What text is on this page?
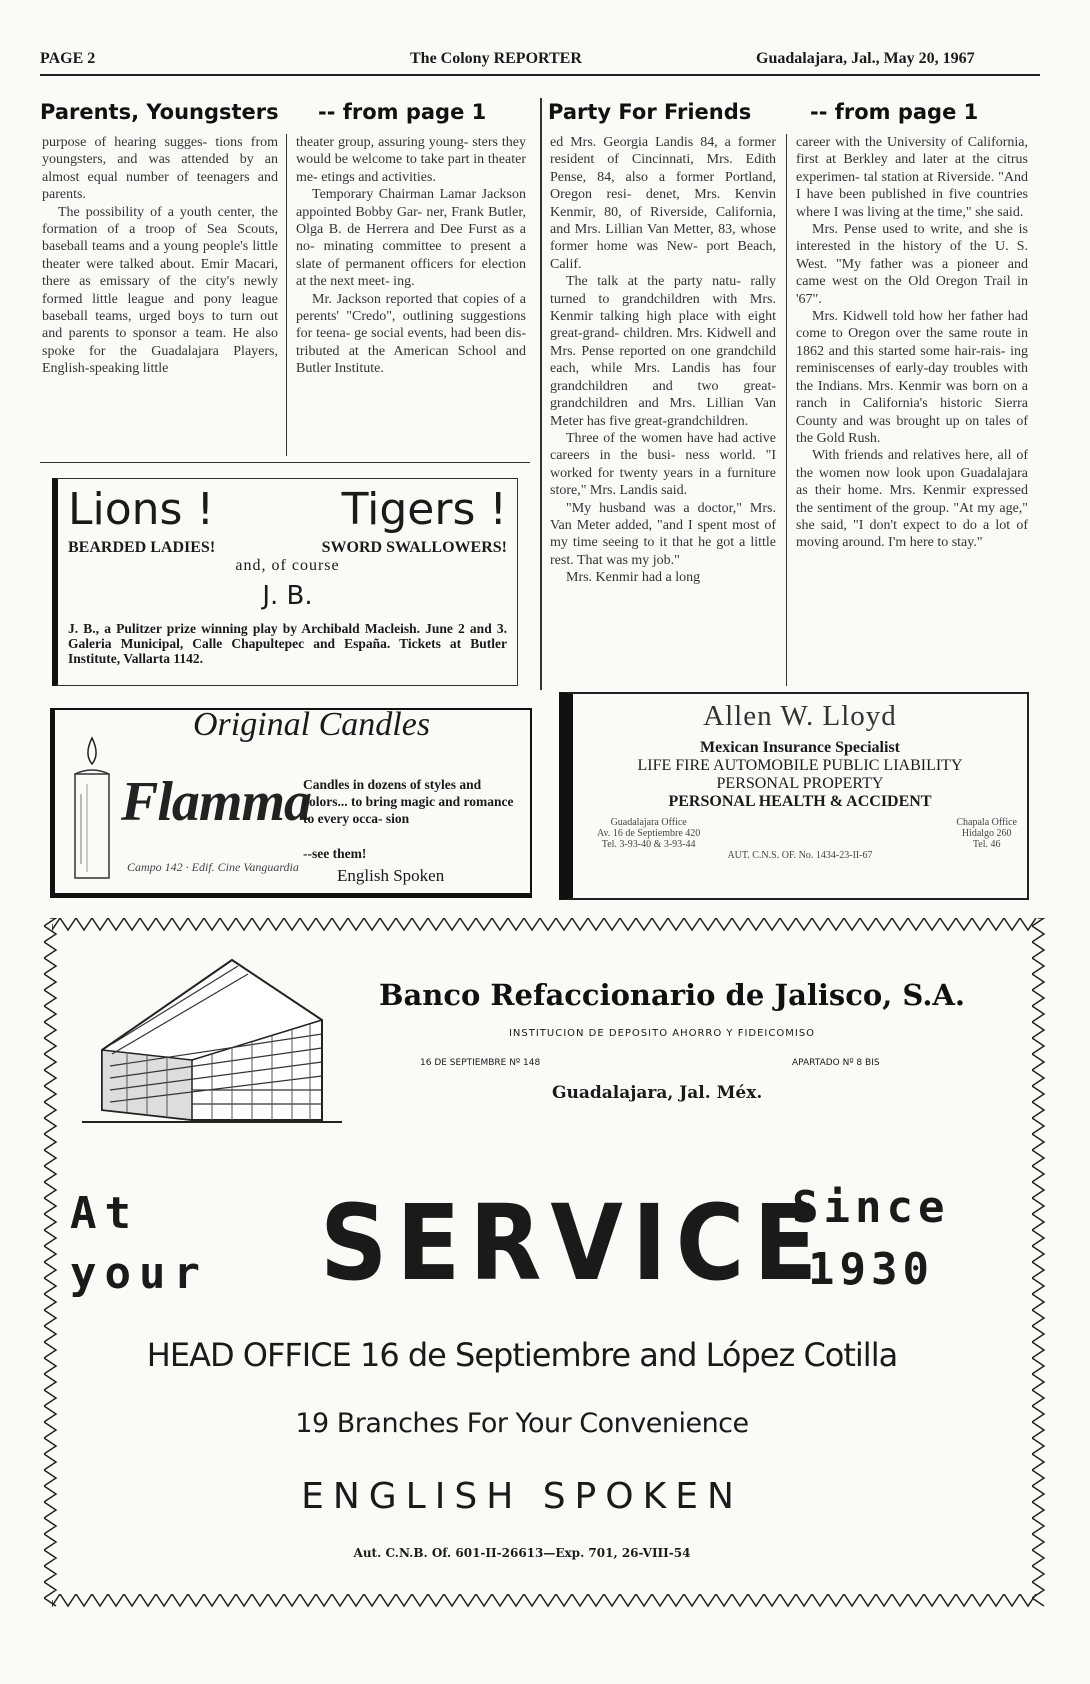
PAGE 2	The Colony REPORTER	Guadalajara, Jal., May 20, 1967
Parents, Youngsters -- from page 1

purpose of hearing sugges- tions from youngsters, and was attended by an almost equal number of teenagers and parents.

The possibility of a youth center, the formation of a troop of Sea Scouts, baseball teams and a young people's little theater were talked about. Emir Macari, there as emissary of the city's newly formed little league and pony league baseball teams, urged boys to turn out and parents to sponsor a team. He also spoke for the Guadalajara Players, English-speaking little

theater group, assuring young- sters they would be welcome to take part in theater me- etings and activities.

Temporary Chairman Lamar Jackson appointed Bobby Gar- ner, Frank Butler, Olga B. de Herrera and Dee Furst as a no- minating committee to present a slate of permanent officers for election at the next meet- ing.

Mr. Jackson reported that copies of a perents' "Credo", outlining suggestions for teena- ge social events, had been dis- tributed at the American School and Butler Institute.

Party For Friends	-- from page 1

ed Mrs. Georgia Landis 84, a former resident of Cincinnati, Mrs. Edith Pense, 84, also a former Portland, Oregon resi- denet, Mrs. Kenvin Kenmir, 80, of Riverside, California, and Mrs. Lillian Van Metter, 83, whose former home was New- port Beach, Calif.

The talk at the party natu- rally turned to grandchildren with Mrs. Kenmir talking high place with eight great-grand- children. Mrs. Kidwell and Mrs. Pense reported on one grandchild each, while Mrs. Landis has four grandchildren and two great-grandchildren and Mrs. Lillian Van Meter has five great-grandchildren.

Three of the women have had active careers in the busi- ness world. "I worked for twenty years in a furniture store," Mrs. Landis said.

"My husband was a doctor," Mrs. Van Meter added, "and I spent most of my time seeing to it that he got a little rest. That was my job."

Mrs. Kenmir had a long

career with the University of California, first at Berkley and later at the citrus experimen- tal station at Riverside. "And I have been published in five countries where I was living at the time," she said.

Mrs. Pense used to write, and she is interested in the history of the U. S. West. "My father was a pioneer and came west on the Old Oregon Trail in '67".

Mrs. Kidwell told how her father had come to Oregon over the same route in 1862 and this started some hair-rais- ing reminiscenses of early-day troubles with the Indians. Mrs. Kenmir was born on a ranch in California's historic Sierra County and was brought up on tales of the Gold Rush.

With friends and relatives here, all of the women now look upon Guadalajara as their home. Mrs. Kenmir expressed the sentiment of the group. "At my age," she said, "I don't expect to do a lot of moving around. I'm here to stay."

Lions !	Tigers !
BEARDED LADIES!	SWORD SWALLOWERS!
and, of course
J. B.
J. B., a Pulitzer prize winning play by Archibald Macleish. June 2 and 3. Galeria Municipal, Calle Chapultepec and España. Tickets at Butler Institute, Vallarta 1142.
Original Candles
Flamma
Campo 142 · Edif. Cine Vanguardia
Candles in dozens of styles and colors... to bring magic and romance to every occa- sion
--see them!
English Spoken
Allen W. Lloyd
Mexican Insurance Specialist
LIFE FIRE AUTOMOBILE PUBLIC LIABILITY
PERSONAL PROPERTY
PERSONAL HEALTH & ACCIDENT
Guadalajara Office
Av. 16 de Septiembre 420
Tel. 3-93-40 & 3-93-44
Chapala Office
Hidalgo 260
Tel. 46
AUT. C.N.S. OF. No. 1434-23-II-67
Banco Refaccionario de Jalisco, S.A.
INSTITUCION DE DEPOSITO AHORRO Y FIDEICOMISO
16 DE SEPTIEMBRE Nº 148	APARTADO Nº 8 BIS
Guadalajara, Jal. Méx.
At
your SERVICE
Since
1930
HEAD OFFICE 16 de Septiembre and López Cotilla
19 Branches For Your Convenience
ENGLISH SPOKEN
Aut. C.N.B. Of. 601-II-26613—Exp. 701, 26-VIII-54
